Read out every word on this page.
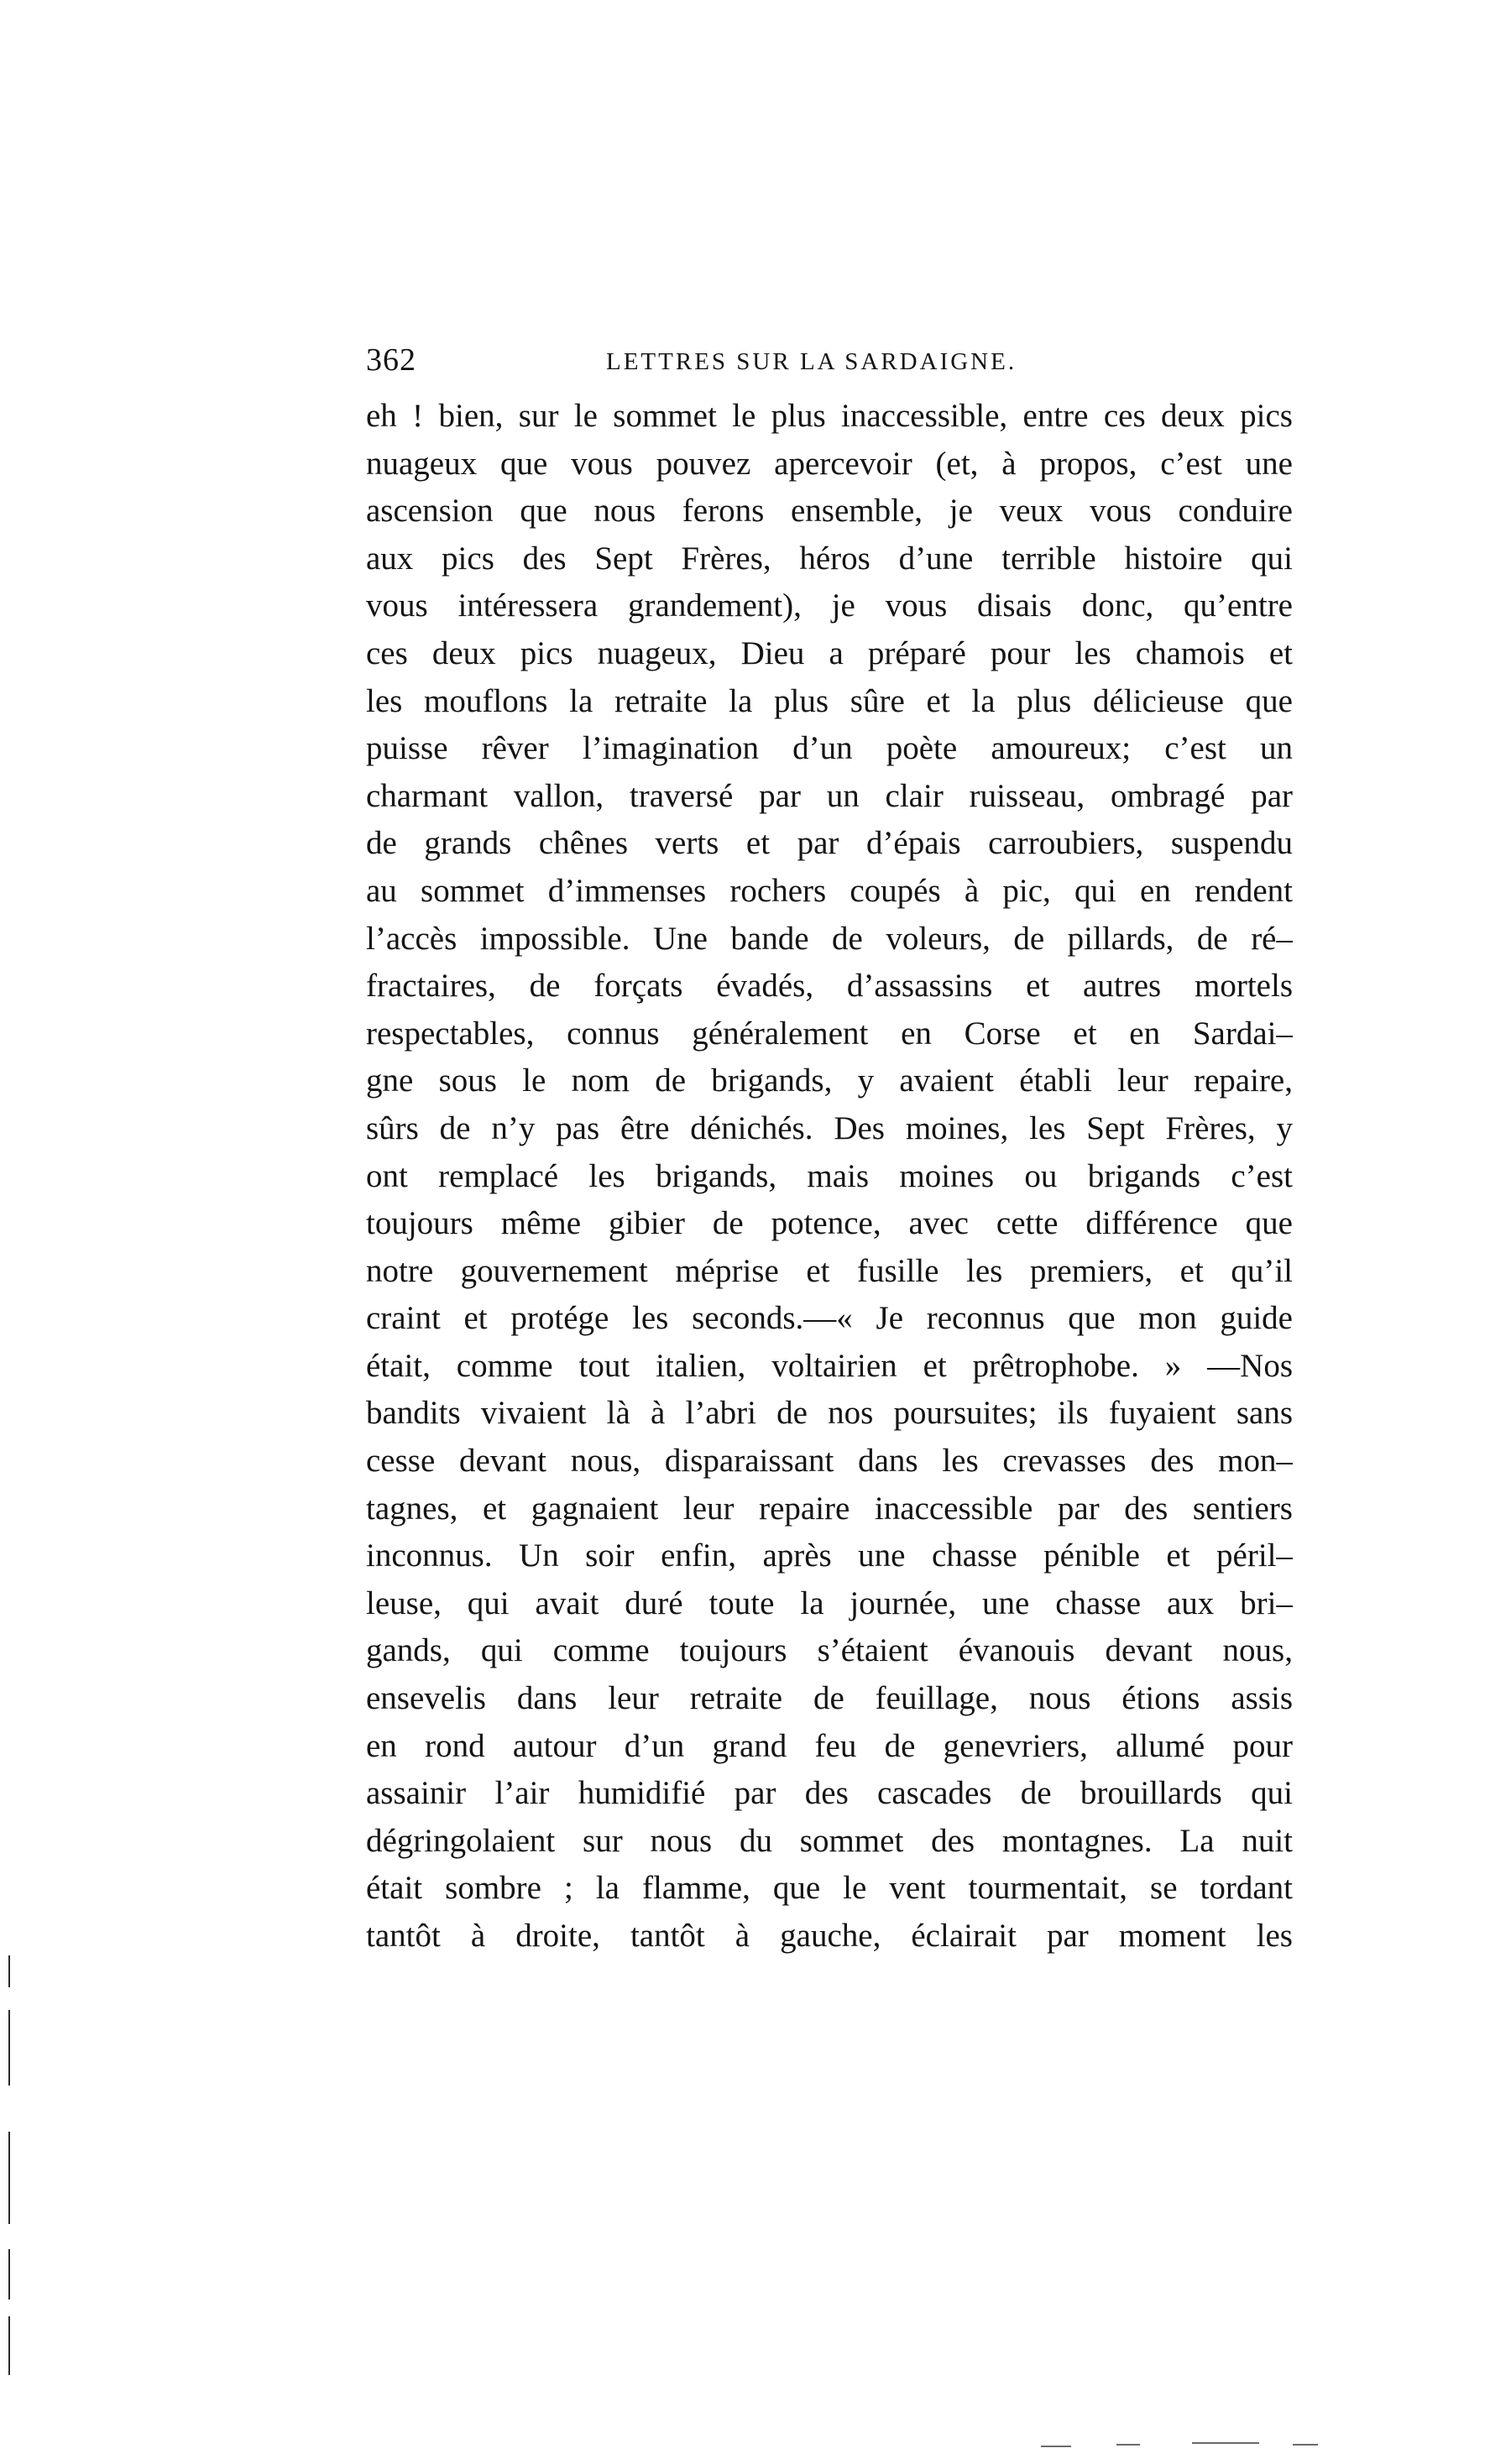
362	LETTRES SUR LA SARDAIGNE.
eh ! bien, sur le sommet le plus inaccessible, entre ces deux pics
nuageux que vous pouvez apercevoir (et, à propos, c’est une
ascension que nous ferons ensemble, je veux vous conduire
aux pics des Sept Frères, héros d’une terrible histoire qui
vous intéressera grandement), je vous disais donc, qu’entre
ces deux pics nuageux, Dieu a préparé pour les chamois et
les mouflons la retraite la plus sûre et la plus délicieuse que
puisse rêver l’imagination d’un poète amoureux; c’est un
charmant vallon, traversé par un clair ruisseau, ombragé par
de grands chênes verts et par d’épais carroubiers, suspendu
au sommet d’immenses rochers coupés à pic, qui en rendent
l’accès impossible. Une bande de voleurs, de pillards, de ré–
fractaires, de forçats évadés, d’assassins et autres mortels
respectables, connus généralement en Corse et en Sardai–
gne sous le nom de brigands, y avaient établi leur repaire,
sûrs de n’y pas être dénichés. Des moines, les Sept Frères, y
ont remplacé les brigands, mais moines ou brigands c’est
toujours même gibier de potence, avec cette différence que
notre gouvernement méprise et fusille les premiers, et qu’il
craint et protége les seconds.—« Je reconnus que mon guide
était, comme tout italien, voltairien et prêtrophobe. » —Nos
bandits vivaient là à l’abri de nos poursuites; ils fuyaient sans
cesse devant nous, disparaissant dans les crevasses des mon–
tagnes, et gagnaient leur repaire inaccessible par des sentiers
inconnus. Un soir enfin, après une chasse pénible et péril–
leuse, qui avait duré toute la journée, une chasse aux bri–
gands, qui comme toujours s’étaient évanouis devant nous,
ensevelis dans leur retraite de feuillage, nous étions assis
en rond autour d’un grand feu de genevriers, allumé pour
assainir l’air humidifié par des cascades de brouillards qui
dégringolaient sur nous du sommet des montagnes. La nuit
était sombre ; la flamme, que le vent tourmentait, se tordant
tantôt à droite, tantôt à gauche, éclairait par moment les
